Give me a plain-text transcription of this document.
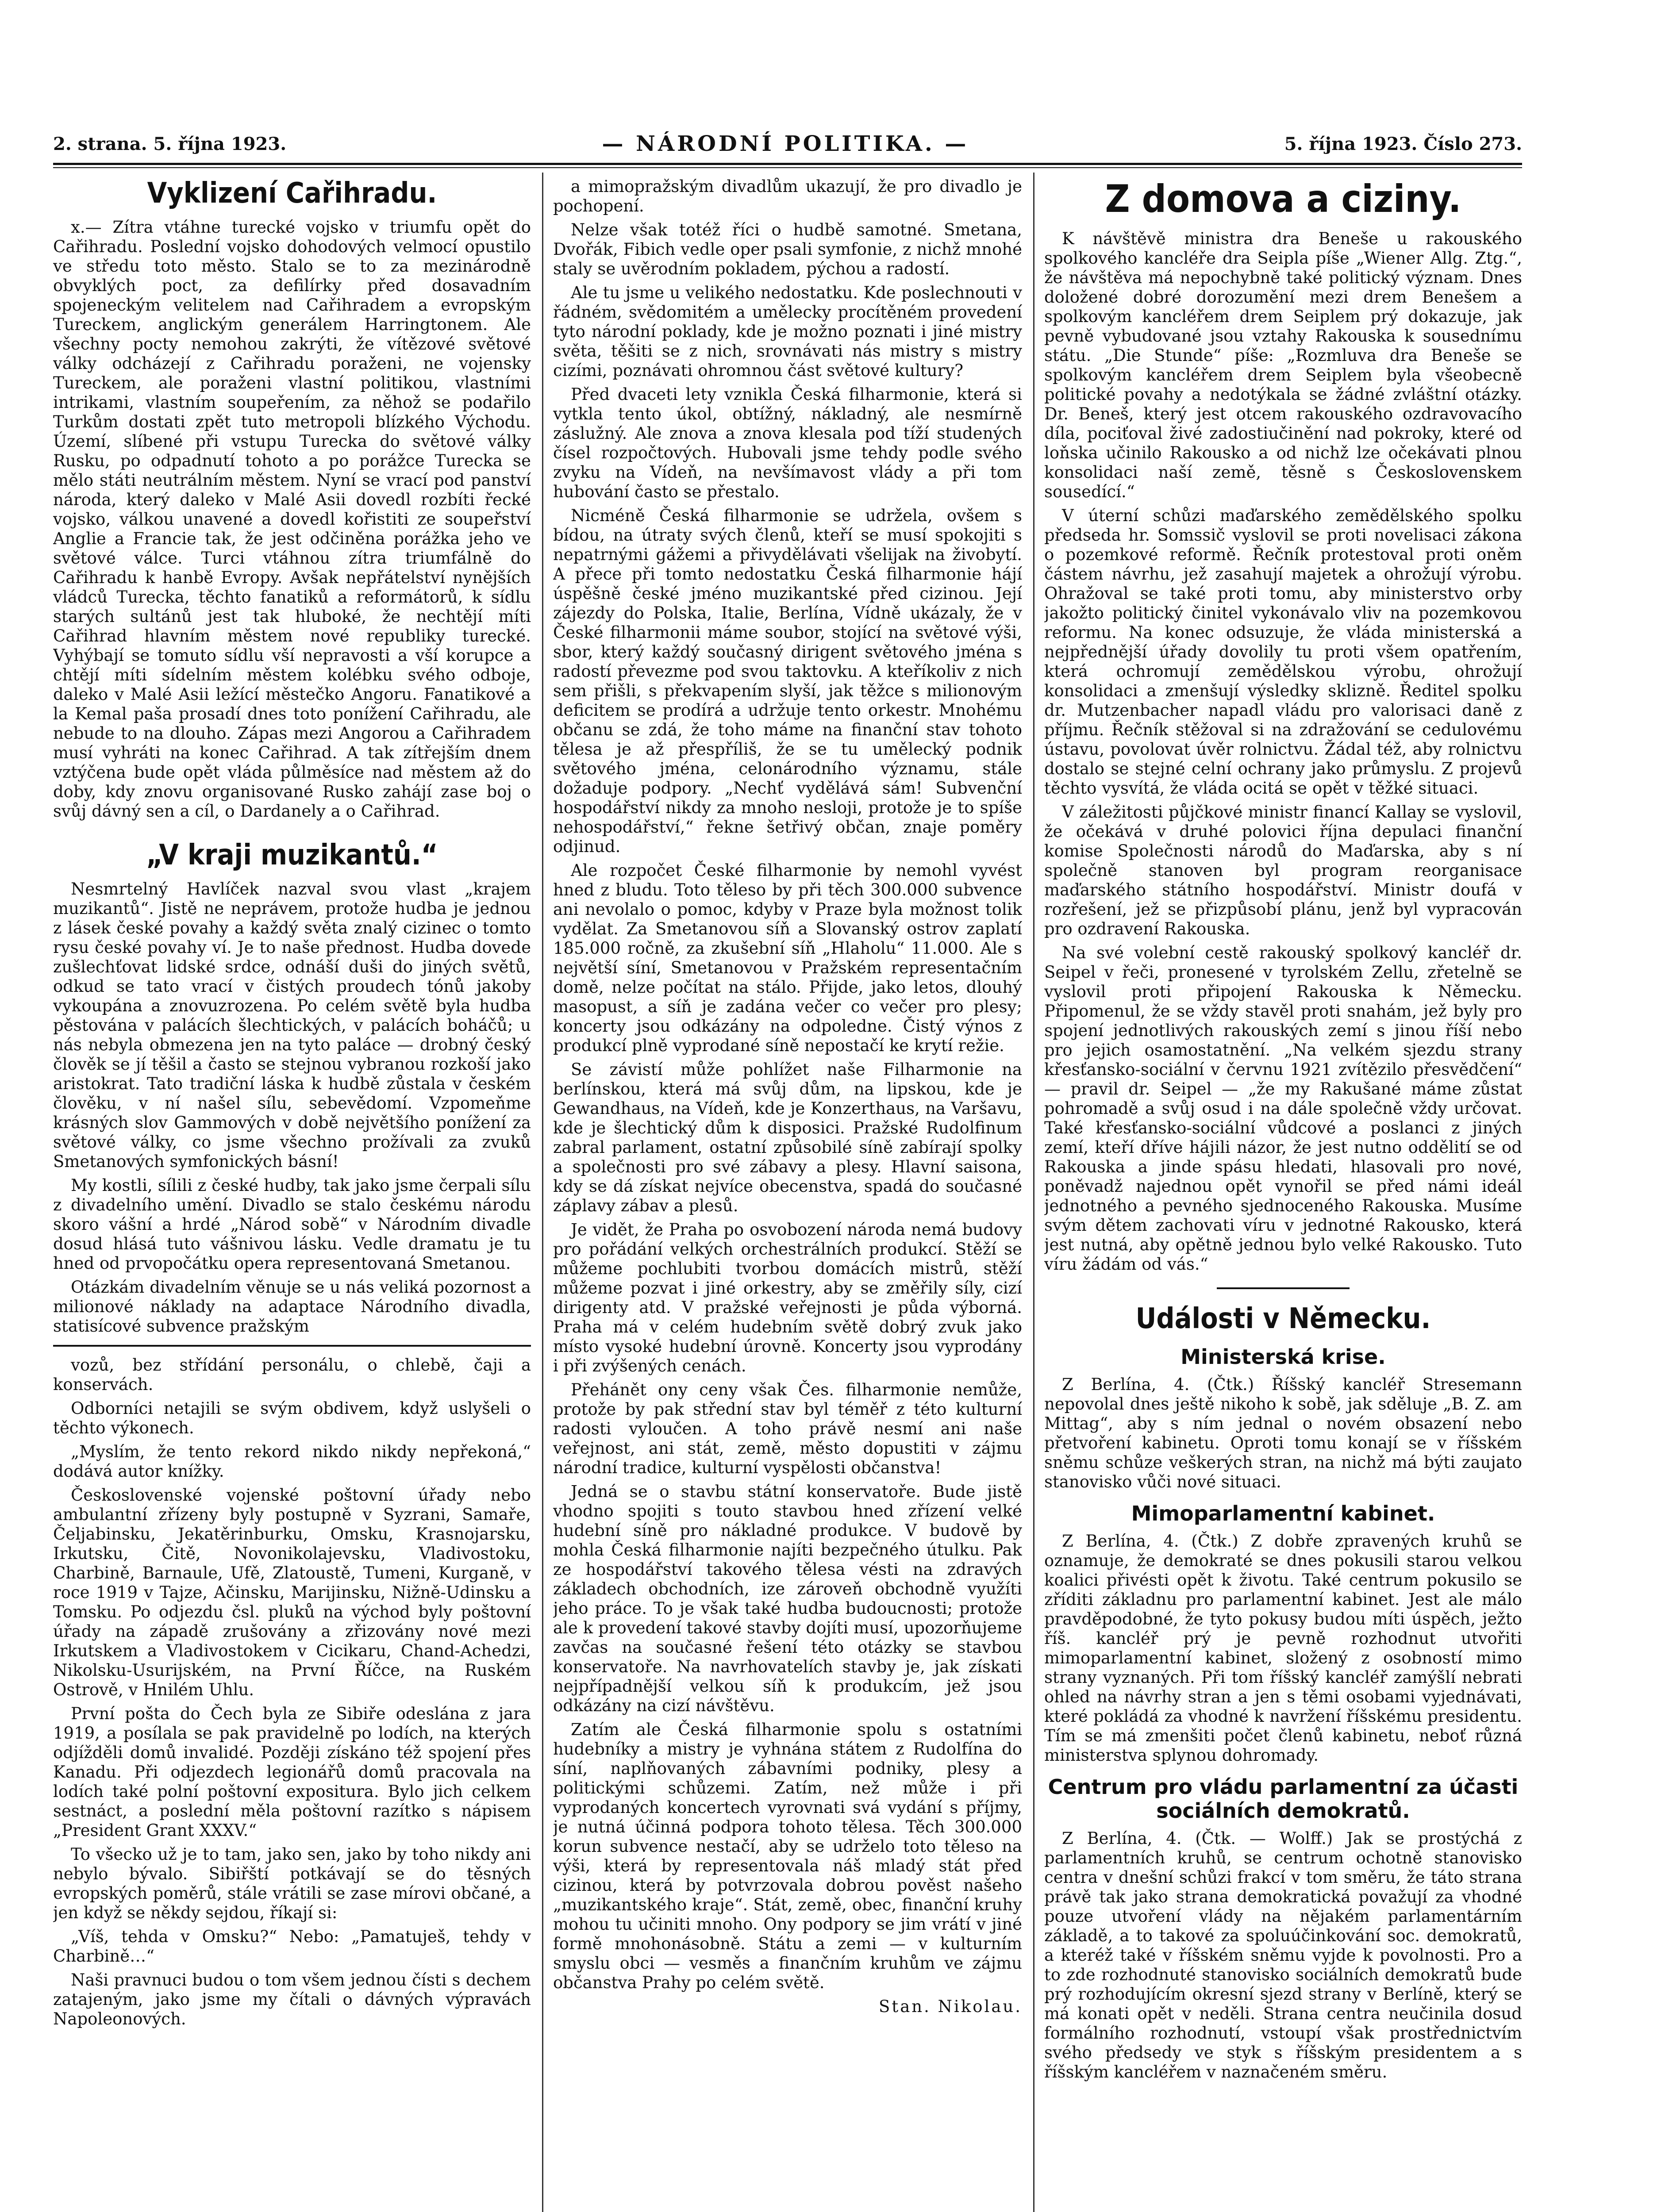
2. strana. 5. října 1923.	— NÁRODNÍ POLITIKA. —	5. října 1923. Číslo 273.
Vyklizení Cařihradu.

x.— Zítra vtáhne turecké vojsko v triumfu opět do Cařihradu. Poslední vojsko dohodových velmocí opustilo ve středu toto město. Stalo se to za mezinárodně obvyklých poct, za defilírky před dosavadním spojeneckým velitelem nad Cařihradem a evropským Tureckem, anglickým generálem Harringtonem. Ale všechny pocty nemohou zakrýti, že vítězové světové války odcházejí z Cařihradu poraženi, ne vojensky Tureckem, ale poraženi vlastní politikou, vlastními intrikami, vlastním soupeřením, za něhož se podařilo Turkům dostati zpět tuto metropoli blízkého Východu. Území, slíbené při vstupu Turecka do světové války Rusku, po odpadnutí tohoto a po porážce Turecka se mělo státi neutrálním městem. Nyní se vrací pod panství národa, který daleko v Malé Asii dovedl rozbíti řecké vojsko, válkou unavené a dovedl kořistiti ze soupeřství Anglie a Francie tak, že jest odčiněna porážka jeho ve světové válce. Turci vtáhnou zítra triumfálně do Cařihradu k hanbě Evropy. Avšak nepřátelství nynějších vládců Turecka, těchto fanatiků a reformátorů, k sídlu starých sultánů jest tak hluboké, že nechtějí míti Cařihrad hlavním městem nové republiky turecké. Vyhýbají se tomuto sídlu vší nepravosti a vší korupce a chtějí míti sídelním městem kolébku svého odboje, daleko v Malé Asii ležící městečko Angoru. Fanatikové a la Kemal paša prosadí dnes toto ponížení Cařihradu, ale nebude to na dlouho. Zápas mezi Angorou a Cařihradem musí vyhráti na konec Cařihrad. A tak zítřejším dnem vztýčena bude opět vláda půlměsíce nad městem až do doby, kdy znovu organisované Rusko zahájí zase boj o svůj dávný sen a cíl, o Dardanely a o Cařihrad.

„V kraji muzikantů.“

Nesmrtelný Havlíček nazval svou vlast „krajem muzikantů“. Jistě ne neprávem, protože hudba je jednou z lásek české povahy a každý světa znalý cizinec o tomto rysu české povahy ví. Je to naše přednost. Hudba dovede zušlechťovat lidské srdce, odnáší duši do jiných světů, odkud se tato vrací v čistých proudech tónů jakoby vykoupána a znovuzrozena. Po celém světě byla hudba pěstována v palácích šlechtických, v palácích boháčů; u nás nebyla obmezena jen na tyto paláce — drobný český člověk se jí těšil a často se stejnou vybranou rozkoší jako aristokrat. Tato tradiční láska k hudbě zůstala v českém člověku, v ní našel sílu, sebevědomí. Vzpomeňme krásných slov Gammových v době největšího ponížení za světové války, co jsme všechno prožívali za zvuků Smetanových symfonických básní!

My kostli, sílili z české hudby, tak jako jsme čerpali sílu z divadelního umění. Divadlo se stalo českému národu skoro vášní a hrdé „Národ sobě“ v Národním divadle dosud hlásá tuto vášnivou lásku. Vedle dramatu je tu hned od prvopočátku opera representovaná Smetanou.

Otázkám divadelním věnuje se u nás veliká pozornost a milionové náklady na adaptace Národního divadla, statisícové subvence pražským

vozů, bez střídání personálu, o chlebě, čaji a konservách.

Odborníci netajili se svým obdivem, když uslyšeli o těchto výkonech.

„Myslím, že tento rekord nikdo nikdy nepřekoná,“ dodává autor knížky.

Československé vojenské poštovní úřady nebo ambulantní zřízeny byly postupně v Syzrani, Samaře, Čeljabinsku, Jekatěrinburku, Omsku, Krasnojarsku, Irkutsku, Čitě, Novonikolajevsku, Vladivostoku, Charbině, Barnaule, Ufě, Zlatoustě, Tumeni, Kurganě, v roce 1919 v Tajze, Ačinsku, Marijinsku, Nižně-Udinsku a Tomsku. Po odjezdu čsl. pluků na východ byly poštovní úřady na západě zrušovány a zřizovány nové mezi Irkutskem a Vladivostokem v Cicikaru, Chand-Achedzi, Nikolsku-Usurijském, na První Říčce, na Ruském Ostrově, v Hnilém Uhlu.

První pošta do Čech byla ze Sibiře odeslána z jara 1919, a posílala se pak pravidelně po lodích, na kterých odjížděli domů invalidé. Později získáno též spojení přes Kanadu. Při odjezdech legionářů domů pracovala na lodích také polní poštovní expositura. Bylo jich celkem sestnáct, a poslední měla poštovní razítko s nápisem „President Grant XXXV.“

To všecko už je to tam, jako sen, jako by toho nikdy ani nebylo bývalo. Sibiřští potkávají se do těsných evropských poměrů, stále vrátili se zase mírovi občané, a jen když se někdy sejdou, říkají si:

„Víš, tehda v Omsku?“ Nebo: „Pamatuješ, tehdy v Charbině…“

Naši pravnuci budou o tom všem jednou čísti s dechem zatajeným, jako jsme my čítali o dávných výpravách Napoleonových.

a mimopražským divadlům ukazují, že pro divadlo je pochopení.

Nelze však totéž říci o hudbě samotné. Smetana, Dvořák, Fibich vedle oper psali symfonie, z nichž mnohé staly se uvěrodním pokladem, pýchou a radostí.

Ale tu jsme u velikého nedostatku. Kde poslechnouti v řádném, svědomitém a umělecky procítěném provedení tyto národní poklady, kde je možno poznati i jiné mistry světa, těšiti se z nich, srovnávati nás mistry s mistry cizími, poznávati ohromnou část světové kultury?

Před dvaceti lety vznikla Česká filharmonie, která si vytkla tento úkol, obtížný, nákladný, ale nesmírně záslužný. Ale znova a znova klesala pod tíží studených čísel rozpočtových. Hubovali jsme tehdy podle svého zvyku na Vídeň, na nevšímavost vlády a při tom hubování často se přestalo.

Nicméně Česká filharmonie se udržela, ovšem s bídou, na útraty svých členů, kteří se musí spokojiti s nepatrnými gážemi a přivydělávati všelijak na živobytí. A přece při tomto nedostatku Česká filharmonie hájí úspěšně české jméno muzikantské před cizinou. Její zájezdy do Polska, Italie, Berlína, Vídně ukázaly, že v České filharmonii máme soubor, stojící na světové výši, sbor, který každý současný dirigent světového jména s radostí převezme pod svou taktovku. A kteříkoliv z nich sem přišli, s překvapením slyší, jak těžce s milionovým deficitem se prodírá a udržuje tento orkestr. Mnohému občanu se zdá, že toho máme na finanční stav tohoto tělesa je až přespříliš, že se tu umělecký podnik světového jména, celonárodního významu, stále dožaduje podpory. „Nechť vydělává sám! Subvenční hospodářství nikdy za mnoho nesloji, protože je to spíše nehospodářství,“ řekne šetřivý občan, znaje poměry odjinud.

Ale rozpočet České filharmonie by nemohl vyvést hned z bludu. Toto těleso by při těch 300.000 subvence ani nevolalo o pomoc, kdyby v Praze byla možnost tolik vydělat. Za Smetanovou síň a Slovanský ostrov zaplatí 185.000 ročně, za zkušební síň „Hlaholu“ 11.000. Ale s největší síní, Smetanovou v Pražském representačním domě, nelze počítat na stálo. Přijde, jako letos, dlouhý masopust, a síň je zadána večer co večer pro plesy; koncerty jsou odkázány na odpoledne. Čistý výnos z produkcí plně vyprodané síně nepostačí ke krytí režie.

Se závistí může pohlížet naše Filharmonie na berlínskou, která má svůj dům, na lipskou, kde je Gewandhaus, na Vídeň, kde je Konzerthaus, na Varšavu, kde je šlechtický dům k disposici. Pražské Rudolfinum zabral parlament, ostatní způsobilé síně zabírají spolky a společnosti pro své zábavy a plesy. Hlavní saisona, kdy se dá získat nejvíce obecenstva, spadá do současné záplavy zábav a plesů.

Je vidět, že Praha po osvobození národa nemá budovy pro pořádání velkých orchestrálních produkcí. Stěží se můžeme pochlubiti tvorbou domácích mistrů, stěží můžeme pozvat i jiné orkestry, aby se změřily síly, cizí dirigenty atd. V pražské veřejnosti je půda výborná. Praha má v celém hudebním světě dobrý zvuk jako místo vysoké hudební úrovně. Koncerty jsou vyprodány i při zvýšených cenách.

Přehánět ony ceny však Čes. filharmonie nemůže, protože by pak střední stav byl téměř z této kulturní radosti vyloučen. A toho právě nesmí ani naše veřejnost, ani stát, země, město dopustiti v zájmu národní tradice, kulturní vyspělosti občanstva!

Jedná se o stavbu státní konservatoře. Bude jistě vhodno spojiti s touto stavbou hned zřízení velké hudební síně pro nákladné produkce. V budově by mohla Česká filharmonie najíti bezpečného útulku. Pak ze hospodářství takového tělesa vésti na zdravých základech obchodních, ize zároveň obchodně využíti jeho práce. To je však také hudba budoucnosti; protože ale k provedení takové stavby dojíti musí, upozorňujeme zavčas na současné řešení této otázky se stavbou konservatoře. Na navrhovatelích stavby je, jak získati nejpřípadnější velkou síň k produkcím, jež jsou odkázány na cizí návštěvu.

Zatím ale Česká filharmonie spolu s ostatními hudebníky a mistry je vyhnána státem z Rudolfína do síní, naplňovaných zábavními podniky, plesy a politickými schůzemi. Zatím, než může i při vyprodaných koncertech vyrovnati svá vydání s příjmy, je nutná účinná podpora tohoto tělesa. Těch 300.000 korun subvence nestačí, aby se udrželo toto těleso na výši, která by representovala náš mladý stát před cizinou, která by potvrzovala dobrou pověst našeho „muzikantského kraje“. Stát, země, obec, finanční kruhy mohou tu učiniti mnoho. Ony podpory se jim vrátí v jiné formě mnohonásobně. Státu a zemi — v kulturním smyslu obci — vesměs a finančním kruhům ve zájmu občanstva Prahy po celém světě.

Stan. Nikolau.

Z domova a ciziny.

K návštěvě ministra dra Beneše u rakouského spolkového kancléře dra Seipla píše „Wiener Allg. Ztg.“, že návštěva má nepochybně také politický význam. Dnes doložené dobré dorozumění mezi drem Benešem a spolkovým kancléřem drem Seiplem prý dokazuje, jak pevně vybudované jsou vztahy Rakouska k sousednímu státu. „Die Stunde“ píše: „Rozmluva dra Beneše se spolkovým kancléřem drem Seiplem byla všeobecně politické povahy a nedotýkala se žádné zvláštní otázky. Dr. Beneš, který jest otcem rakouského ozdravovacího díla, pociťoval živé zadostiučinění nad pokroky, které od loňska učinilo Rakousko a od nichž lze očekávati plnou konsolidaci naší země, těsně s Československem sousedící.“

V úterní schůzi maďarského zemědělského spolku předseda hr. Somssič vyslovil se proti novelisaci zákona o pozemkové reformě. Řečník protestoval proti oněm částem návrhu, jež zasahují majetek a ohrožují výrobu. Ohražoval se také proti tomu, aby ministerstvo orby jakožto politický činitel vykonávalo vliv na pozemkovou reformu. Na konec odsuzuje, že vláda ministerská a nejpřednější úřady dovolily tu proti všem opatřením, která ochromují zemědělskou výrobu, ohrožují konsolidaci a zmenšují výsledky sklizně. Ředitel spolku dr. Mutzenbacher napadl vládu pro valorisaci daně z příjmu. Řečník stěžoval si na zdražování se cedulovému ústavu, povolovat úvěr rolnictvu. Žádal též, aby rolnictvu dostalo se stejné celní ochrany jako průmyslu. Z projevů těchto vysvítá, že vláda ocitá se opět v těžké situaci.

V záležitosti půjčkové ministr financí Kallay se vyslovil, že očekává v druhé polovici října depulaci finanční komise Společnosti národů do Maďarska, aby s ní společně stanoven byl program reorganisace maďarského státního hospodářství. Ministr doufá v rozřešení, jež se přizpůsobí plánu, jenž byl vypracován pro ozdravení Rakouska.

Na své volební cestě rakouský spolkový kancléř dr. Seipel v řeči, pronesené v tyrolském Zellu, zřetelně se vyslovil proti připojení Rakouska k Německu. Připomenul, že se vždy stavěl proti snahám, jež byly pro spojení jednotlivých rakouských zemí s jinou říší nebo pro jejich osamostatnění. „Na velkém sjezdu strany křesťansko-sociální v červnu 1921 zvítězilo přesvědčení“ — pravil dr. Seipel — „že my Rakušané máme zůstat pohromadě a svůj osud i na dále společně vždy určovat. Také křesťansko-sociální vůdcové a poslanci z jiných zemí, kteří dříve hájili názor, že jest nutno oddělití se od Rakouska a jinde spásu hledati, hlasovali pro nové, poněvadž najednou opět vynořil se před námi ideál jednotného a pevného sjednoceného Rakouska. Musíme svým dětem zachovati víru v jednotné Rakousko, která jest nutná, aby opětně jednou bylo velké Rakousko. Tuto víru žádám od vás.“

Události v Německu.
Ministerská krise.

Z Berlína, 4. (Čtk.) Říšský kancléř Stresemann nepovolal dnes ještě nikoho k sobě, jak sděluje „B. Z. am Mittag“, aby s ním jednal o novém obsazení nebo přetvoření kabinetu. Oproti tomu konají se v říšském sněmu schůze veškerých stran, na nichž má býti zaujato stanovisko vůči nové situaci.

Mimoparlamentní kabinet.

Z Berlína, 4. (Čtk.) Z dobře zpravených kruhů se oznamuje, že demokraté se dnes pokusili starou velkou koalici přivésti opět k životu. Také centrum pokusilo se zříditi základnu pro parlamentní kabinet. Jest ale málo pravděpodobné, že tyto pokusy budou míti úspěch, ježto říš. kancléř prý je pevně rozhodnut utvořiti mimoparlamentní kabinet, složený z osobností mimo strany vyznaných. Při tom říšský kancléř zamýšlí nebrati ohled na návrhy stran a jen s těmi osobami vyjednávati, které pokládá za vhodné k navržení říšskému presidentu. Tím se má zmenšiti počet členů kabinetu, neboť různá ministerstva splynou dohromady.

Centrum pro vládu parlamentní za účasti sociálních demokratů.

Z Berlína, 4. (Čtk. — Wolff.) Jak se prostýchá z parlamentních kruhů, se centrum ochotně stanovisko centra v dnešní schůzi frakcí v tom směru, že táto strana právě tak jako strana demokratická považují za vhodné pouze utvoření vlády na nějakém parlamentárním základě, a to takové za spoluúčinkování soc. demokratů, a kteréž také v říšském sněmu vyjde k povolnosti. Pro a to zde rozhodnuté stanovisko sociálních demokratů bude prý rozhodujícím okresní sjezd strany v Berlíně, který se má konati opět v neděli. Strana centra neučinila dosud formálního rozhodnutí, vstoupí však prostřednictvím svého předsedy ve styk s říšským presidentem a s říšským kancléřem v naznačeném směru.
